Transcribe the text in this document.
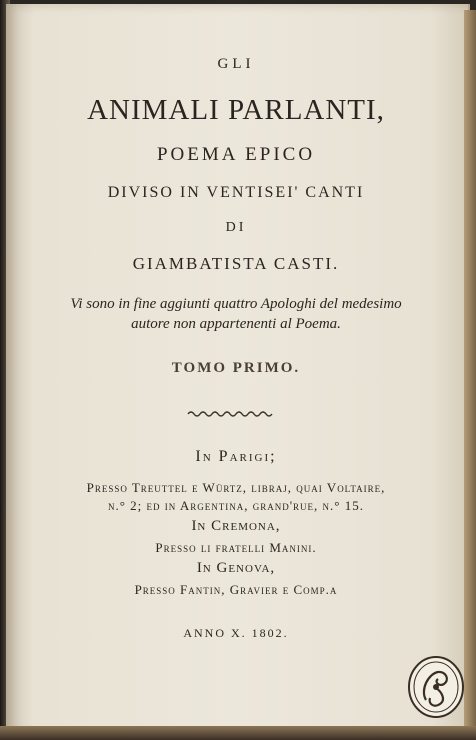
GLI
ANIMALI PARLANTI,
POEMA EPICO
DIVISO IN VENTISEI' CANTI
DI
GIAMBATISTA CASTI.
Vi sono in fine aggiunti quattro Apologhi del medesimo
autore non appartenenti al Poema.
TOMO PRIMO.
In Parigi;
Presso Treuttel e Würtz, libraj, quai Voltaire,
n.° 2; ed in Argentina, grand'rue, n.° 15.
In Cremona,
Presso li fratelli Manini.
In Genova,
Presso Fantin, Gravier e Comp.a
ANNO X. 1802.
